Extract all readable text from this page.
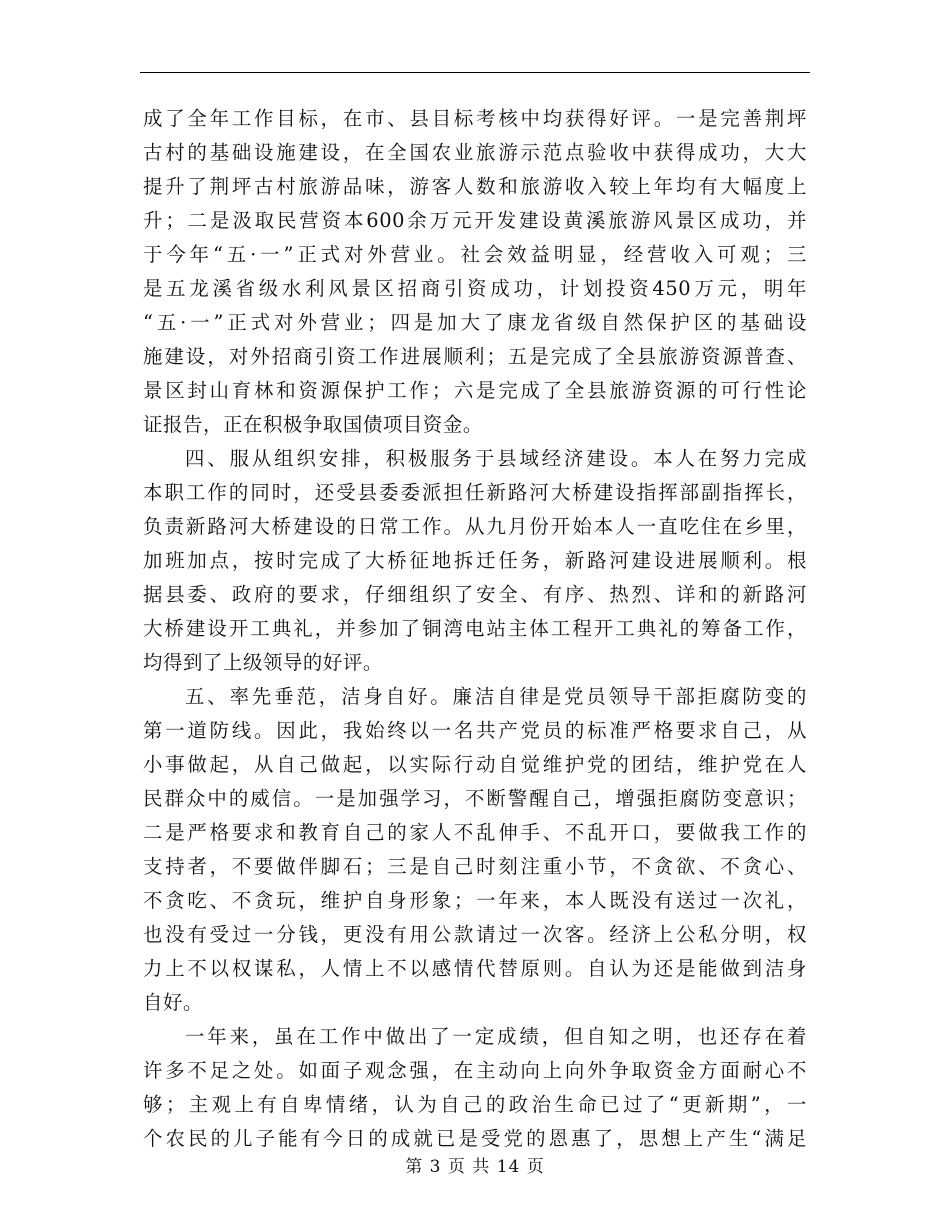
成了全年工作目标，在市、县目标考核中均获得好评。一是完善荆坪
古村的基础设施建设，在全国农业旅游示范点验收中获得成功，大大
提升了荆坪古村旅游品味，游客人数和旅游收入较上年均有大幅度上
升；二是汲取民营资本600余万元开发建设黄溪旅游风景区成功，并
于今年“五·一”正式对外营业。社会效益明显，经营收入可观；三
是五龙溪省级水利风景区招商引资成功，计划投资450万元，明年
“五·一”正式对外营业；四是加大了康龙省级自然保护区的基础设
施建设，对外招商引资工作进展顺利；五是完成了全县旅游资源普查、
景区封山育林和资源保护工作；六是完成了全县旅游资源的可行性论
证报告，正在积极争取国债项目资金。
四、服从组织安排，积极服务于县域经济建设。本人在努力完成
本职工作的同时，还受县委委派担任新路河大桥建设指挥部副指挥长，
负责新路河大桥建设的日常工作。从九月份开始本人一直吃住在乡里，
加班加点，按时完成了大桥征地拆迁任务，新路河建设进展顺利。根
据县委、政府的要求，仔细组织了安全、有序、热烈、详和的新路河
大桥建设开工典礼，并参加了铜湾电站主体工程开工典礼的筹备工作，
均得到了上级领导的好评。
五、率先垂范，洁身自好。廉洁自律是党员领导干部拒腐防变的
第一道防线。因此，我始终以一名共产党员的标准严格要求自己，从
小事做起，从自己做起，以实际行动自觉维护党的团结，维护党在人
民群众中的威信。一是加强学习，不断警醒自己，增强拒腐防变意识；
二是严格要求和教育自己的家人不乱伸手、不乱开口，要做我工作的
支持者，不要做伴脚石；三是自己时刻注重小节，不贪欲、不贪心、
不贪吃、不贪玩，维护自身形象；一年来，本人既没有送过一次礼，
也没有受过一分钱，更没有用公款请过一次客。经济上公私分明，权
力上不以权谋私，人情上不以感情代替原则。自认为还是能做到洁身
自好。
一年来，虽在工作中做出了一定成绩，但自知之明，也还存在着
许多不足之处。如面子观念强，在主动向上向外争取资金方面耐心不
够；主观上有自卑情绪，认为自己的政治生命已过了“更新期”，一
个农民的儿子能有今日的成就已是受党的恩惠了，思想上产生“满足
第 3 页 共 14 页
